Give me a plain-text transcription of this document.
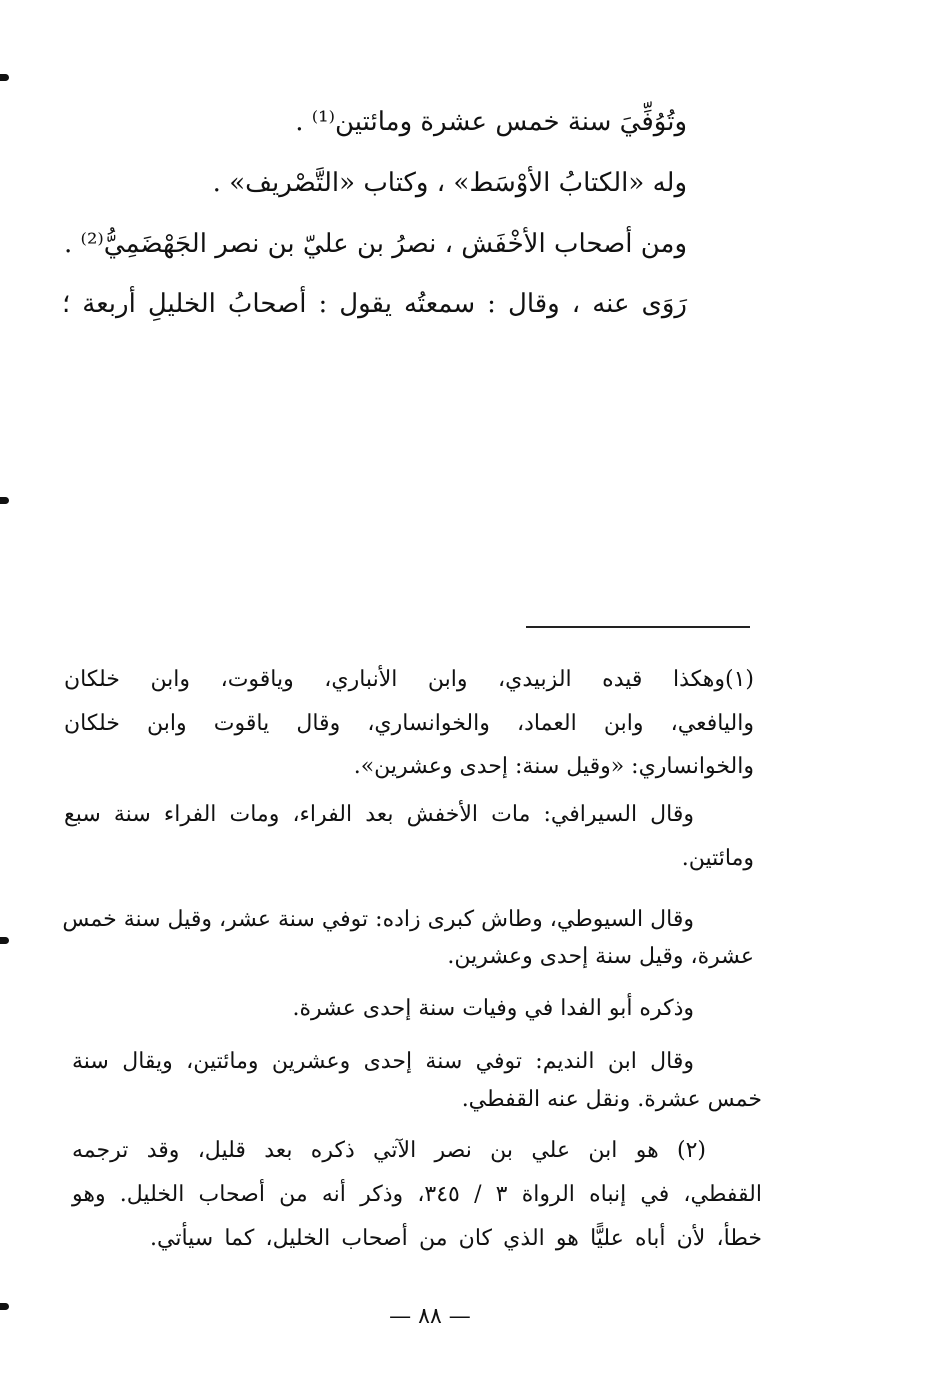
وتُوُفِّيَ سنة خمس عشرة ومائتين⁽¹⁾ .
وله «الكتابُ الأوْسَط» ، وكتاب «التَّصْريف» .
ومن أصحاب الأخْفَش ، نصرُ بن عليّ بن نصر الجَهْضَمِيُّ⁽²⁾ .
رَوَى عنه ، وقال : سمعتُه يقول : أصحابُ الخليلِ أربعة ؛
(١)وهكذا قيده الزبيدي، وابن الأنباري، وياقوت، وابن خلكان
واليافعي، وابن العماد، والخوانساري، وقال ياقوت وابن خلكان
والخوانساري: «وقيل سنة: إحدى وعشرين».
وقال السيرافي: مات الأخفش بعد الفراء، ومات الفراء سنة سبع
ومائتين.
وقال السيوطي، وطاش كبرى زاده: توفي سنة عشر، وقيل سنة خمس
عشرة، وقيل سنة إحدى وعشرين.
وذكره أبو الفدا في وفيات سنة إحدى عشرة.
وقال ابن النديم: توفي سنة إحدى وعشرين ومائتين، ويقال سنة
خمس عشرة. ونقل عنه القفطي.
(٢) هو ابن علي بن نصر الآتي ذكره بعد قليل، وقد ترجمه
القفطي، في إنباه الرواة ٣ / ٣٤٥، وذكر أنه من أصحاب الخليل. وهو
خطأ، لأن أباه عليًّا هو الذي كان من أصحاب الخليل، كما سيأتي.
— ٨٨ —
